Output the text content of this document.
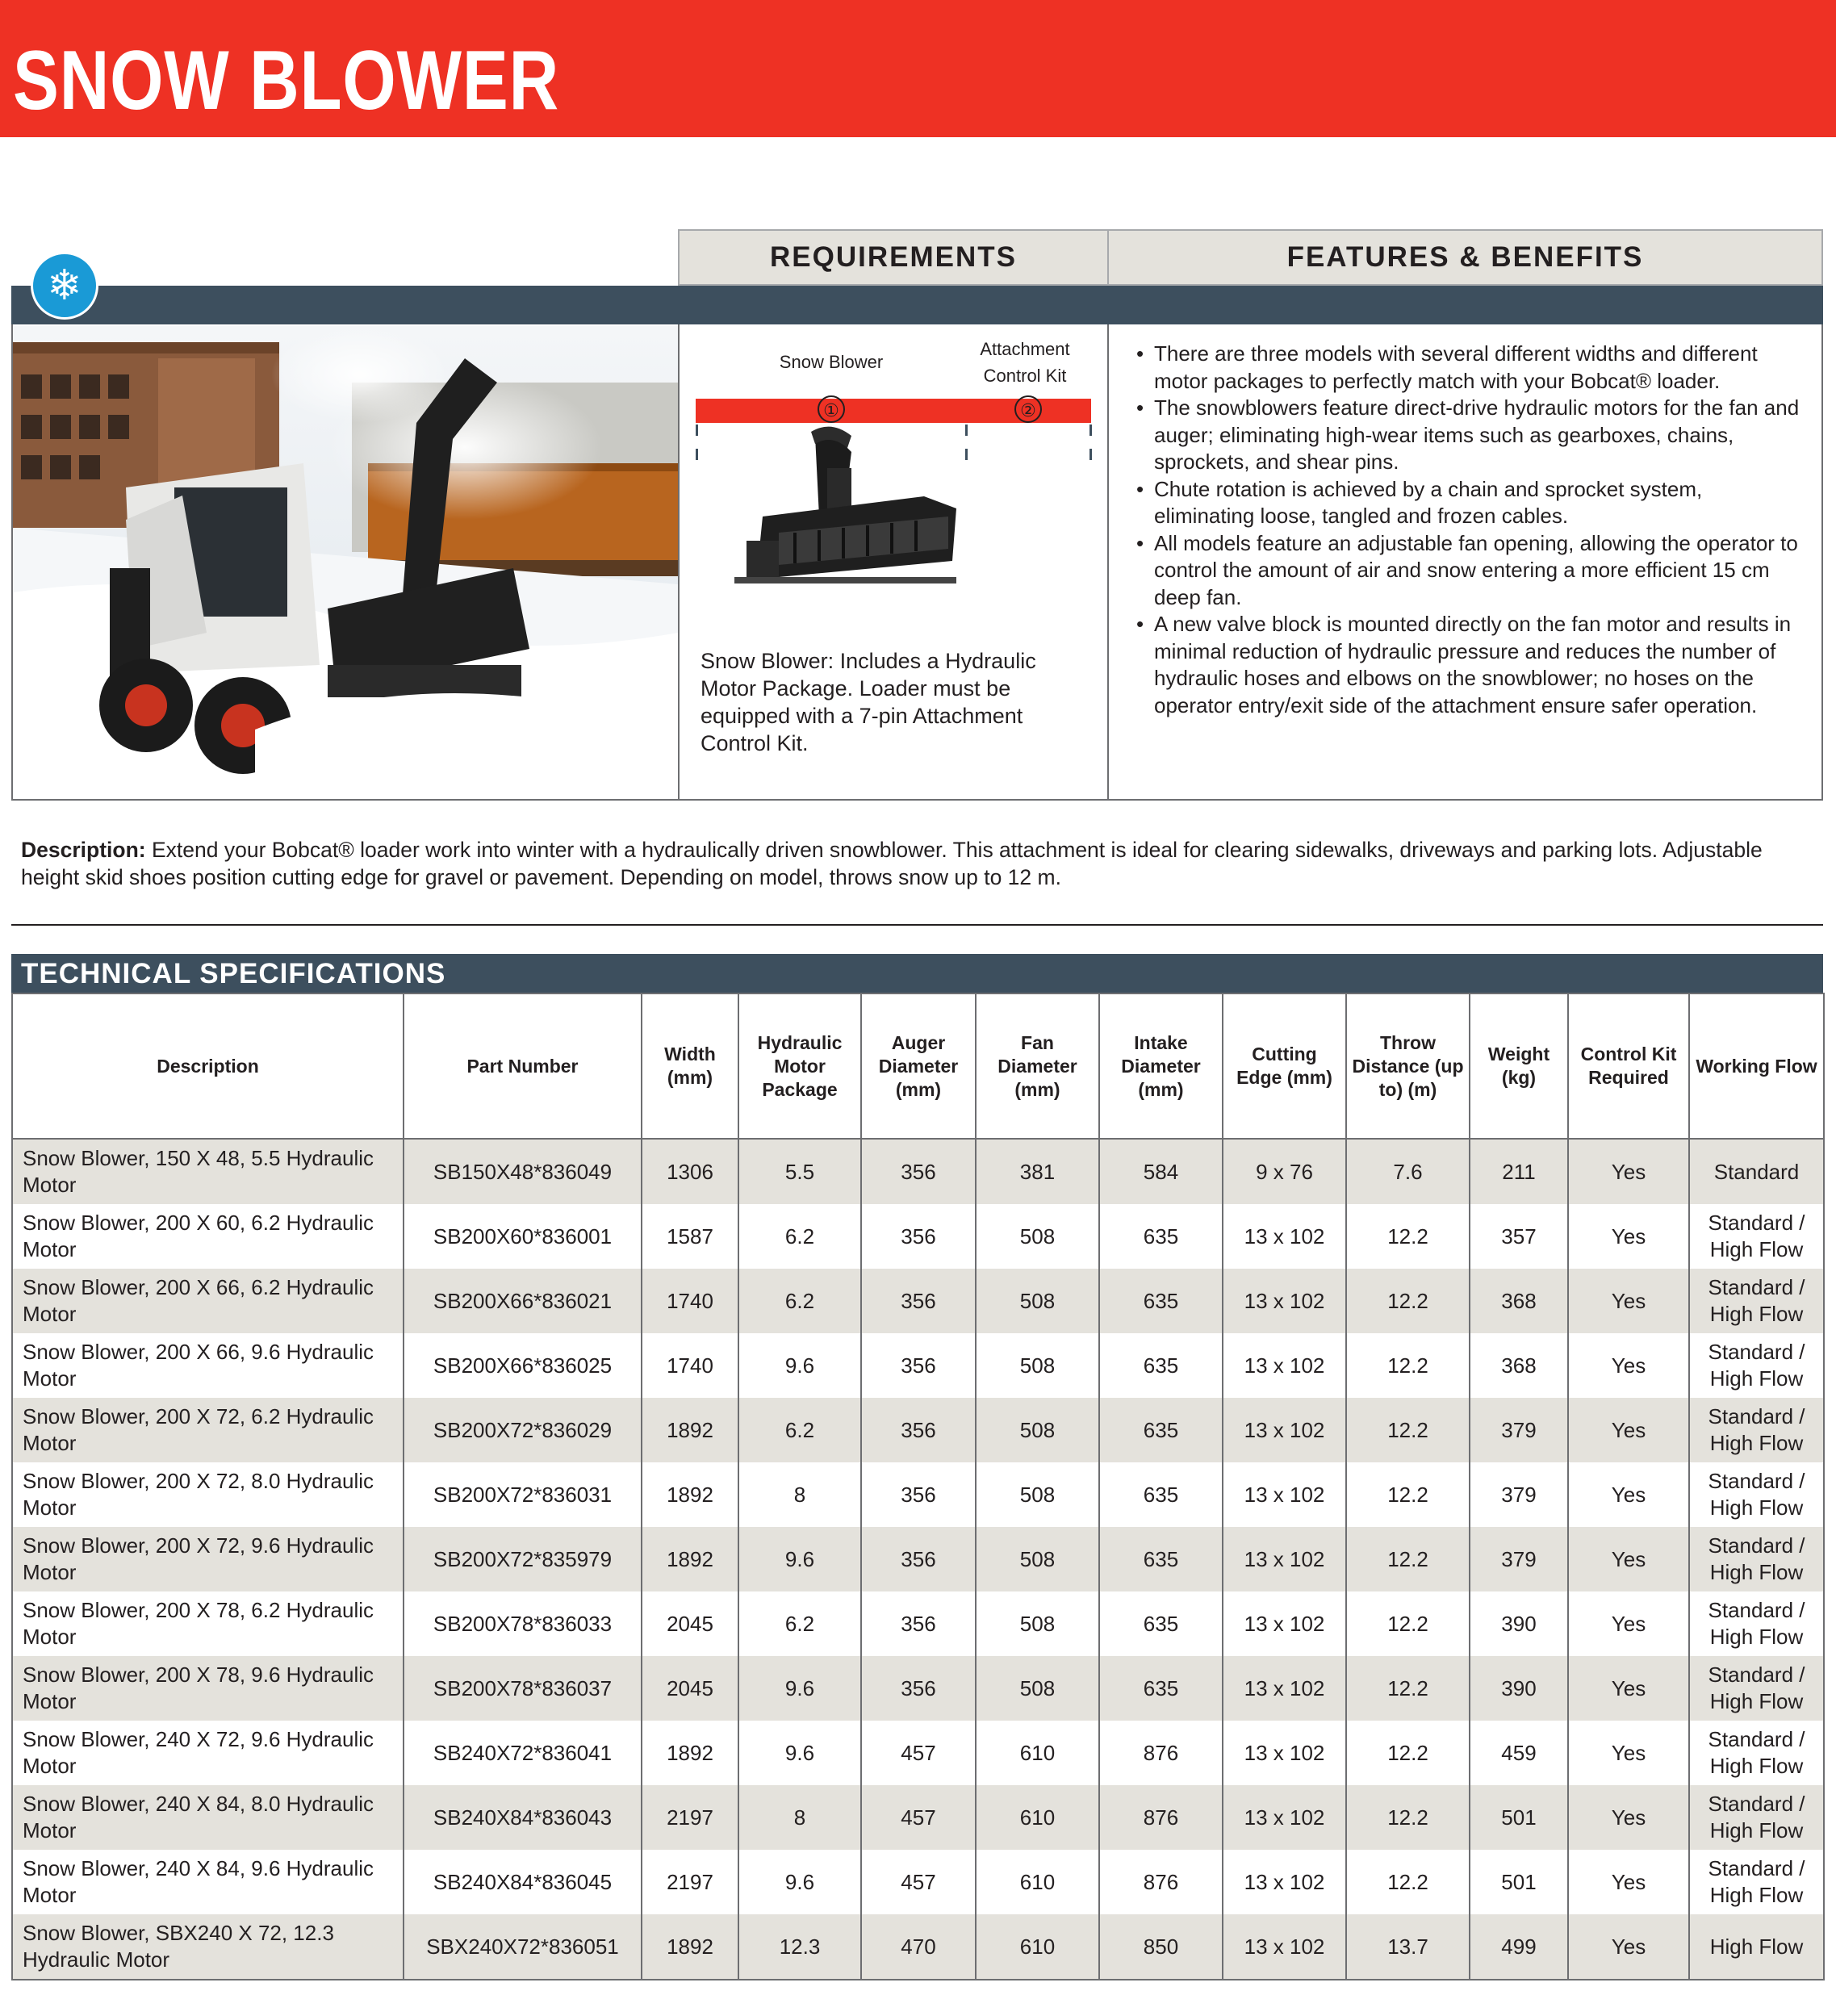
SNOW BLOWER
REQUIREMENTS	FEATURES & BENEFITS
❄
Snow Blower
Attachment Control Kit
①	②
Snow Blower: Includes a Hydraulic Motor Package. Loader must be equipped with a 7-pin Attachment Control Kit.
• There are three models with several different widths and different motor packages to perfectly match with your Bobcat® loader.
• The snowblowers feature direct-drive hydraulic motors for the fan and auger; eliminating high-wear items such as gearboxes, chains, sprockets, and shear pins.
• Chute rotation is achieved by a chain and sprocket system, eliminating loose, tangled and frozen cables.
• All models feature an adjustable fan opening, allowing the operator to control the amount of air and snow entering a more efficient 15 cm deep fan.
• A new valve block is mounted directly on the fan motor and results in minimal reduction of hydraulic pressure and reduces the number of hydraulic hoses and elbows on the snowblower; no hoses on the operator entry/exit side of the attachment ensure safer operation.
Description: Extend your Bobcat® loader work into winter with a hydraulically driven snowblower. This attachment is ideal for clearing sidewalks, driveways and parking lots. Adjustable height skid shoes position cutting edge for gravel or pavement. Depending on model, throws snow up to 12 m.
TECHNICAL SPECIFICATIONS
Description	Part Number	Width (mm)	Hydraulic Motor Package	Auger Diameter (mm)	Fan Diameter (mm)	Intake Diameter (mm)	Cutting Edge (mm)	Throw Distance (up to) (m)	Weight (kg)	Control Kit Required	Working Flow
Snow Blower, 150 X 48, 5.5 Hydraulic Motor	SB150X48*836049	1306	5.5	356	381	584	9 x 76	7.6	211	Yes	Standard
Snow Blower, 200 X 60, 6.2 Hydraulic Motor	SB200X60*836001	1587	6.2	356	508	635	13 x 102	12.2	357	Yes	Standard / High Flow
Snow Blower, 200 X 66, 6.2 Hydraulic Motor	SB200X66*836021	1740	6.2	356	508	635	13 x 102	12.2	368	Yes	Standard / High Flow
Snow Blower, 200 X 66, 9.6 Hydraulic Motor	SB200X66*836025	1740	9.6	356	508	635	13 x 102	12.2	368	Yes	Standard / High Flow
Snow Blower, 200 X 72, 6.2 Hydraulic Motor	SB200X72*836029	1892	6.2	356	508	635	13 x 102	12.2	379	Yes	Standard / High Flow
Snow Blower, 200 X 72, 8.0 Hydraulic Motor	SB200X72*836031	1892	8	356	508	635	13 x 102	12.2	379	Yes	Standard / High Flow
Snow Blower, 200 X 72, 9.6 Hydraulic Motor	SB200X72*835979	1892	9.6	356	508	635	13 x 102	12.2	379	Yes	Standard / High Flow
Snow Blower, 200 X 78, 6.2 Hydraulic Motor	SB200X78*836033	2045	6.2	356	508	635	13 x 102	12.2	390	Yes	Standard / High Flow
Snow Blower, 200 X 78, 9.6 Hydraulic Motor	SB200X78*836037	2045	9.6	356	508	635	13 x 102	12.2	390	Yes	Standard / High Flow
Snow Blower, 240 X 72, 9.6 Hydraulic Motor	SB240X72*836041	1892	9.6	457	610	876	13 x 102	12.2	459	Yes	Standard / High Flow
Snow Blower, 240 X 84, 8.0 Hydraulic Motor	SB240X84*836043	2197	8	457	610	876	13 x 102	12.2	501	Yes	Standard / High Flow
Snow Blower, 240 X 84, 9.6 Hydraulic Motor	SB240X84*836045	2197	9.6	457	610	876	13 x 102	12.2	501	Yes	Standard / High Flow
Snow Blower, SBX240 X 72, 12.3 Hydraulic Motor	SBX240X72*836051	1892	12.3	470	610	850	13 x 102	13.7	499	Yes	High Flow
